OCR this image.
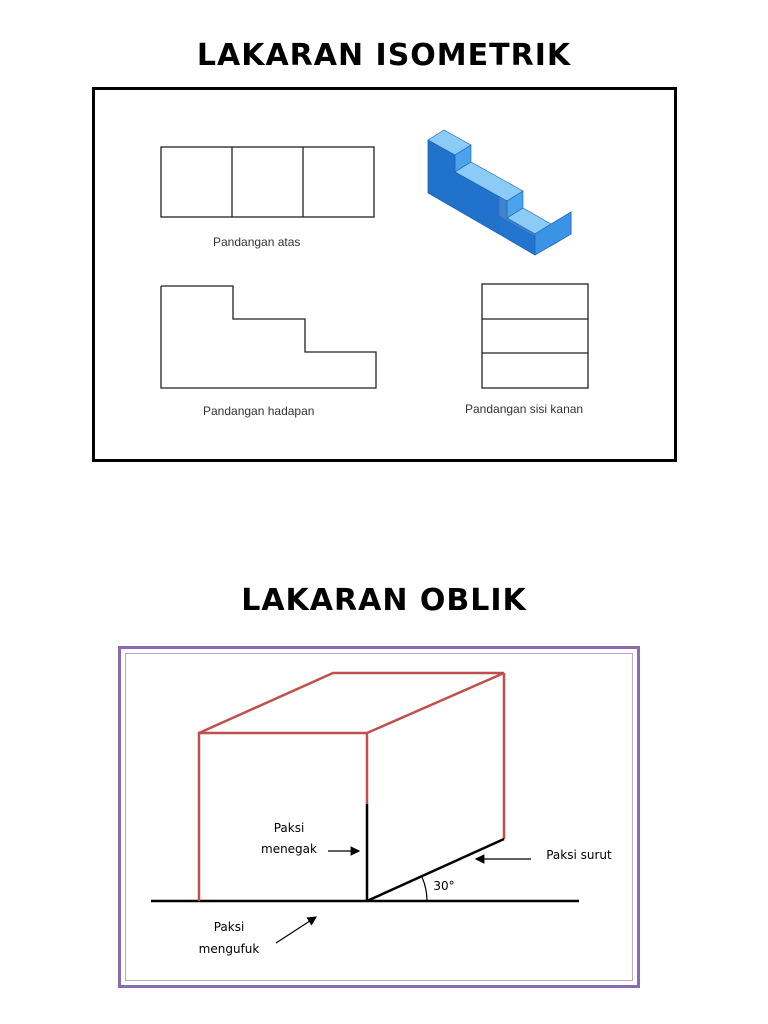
LAKARAN ISOMETRIK
Pandangan atas
Pandangan hadapan	Pandangan sisi kanan
LAKARAN OBLIK
Paksi
menegak	Paksi surut
30°
Paksi
mengufuk
